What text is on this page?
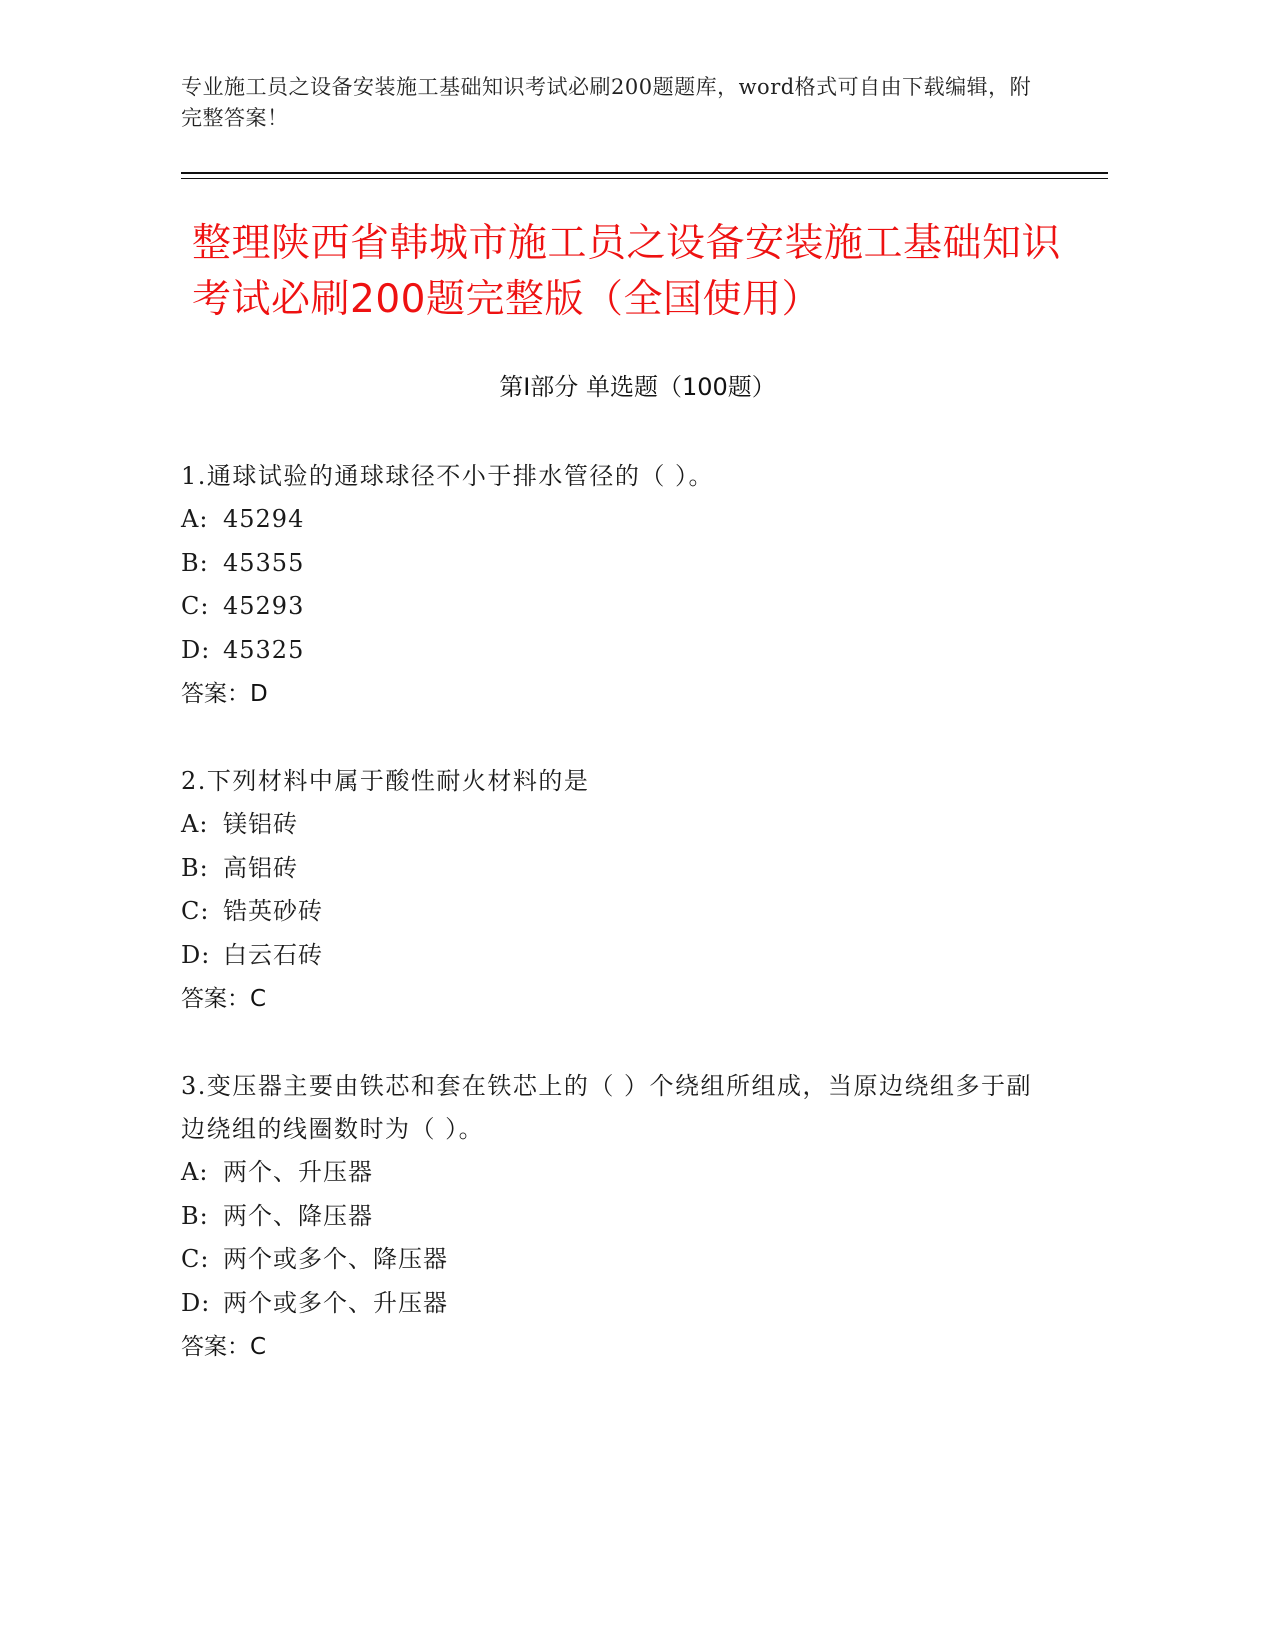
专业施工员之设备安装施工基础知识考试必刷200题题库，word格式可自由下载编辑，附完整答案！
整理陕西省韩城市施工员之设备安装施工基础知识考试必刷200题完整版（全国使用）
第Ⅰ部分 单选题（100题）
1.通球试验的通球球径不小于排水管径的（ ）。
A: 45294
B: 45355
C: 45293
D: 45325
答案：D
2.下列材料中属于酸性耐火材料的是
A: 镁铝砖
B: 高铝砖
C: 锆英砂砖
D: 白云石砖
答案：C
3.变压器主要由铁芯和套在铁芯上的（ ）个绕组所组成，当原边绕组多于副边绕组的线圈数时为（ ）。
A: 两个、升压器
B: 两个、降压器
C: 两个或多个、降压器
D: 两个或多个、升压器
答案：C
